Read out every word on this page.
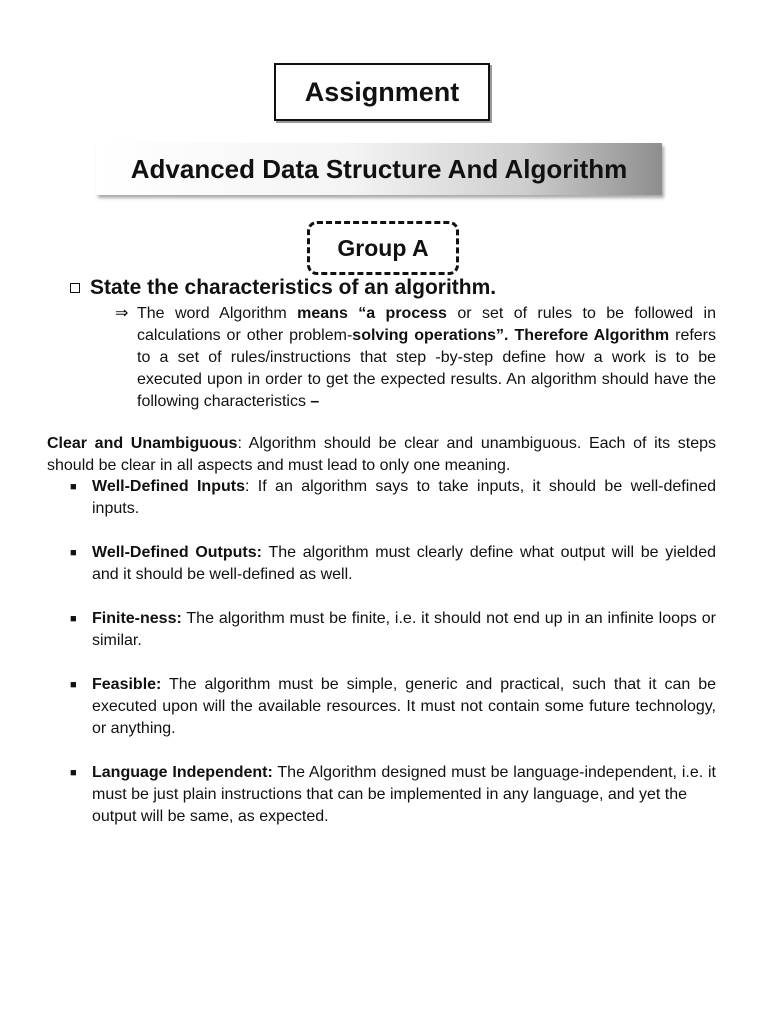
Assignment
Advanced Data Structure And Algorithm
Group A
State the characteristics of an algorithm.
⇒ The word Algorithm means “a process or set of rules to be followed in calculations or other problem-solving operations”. Therefore Algorithm refers to a set of rules/instructions that step -by-step define how a work is to be executed upon in order to get the expected results. An algorithm should have the following characteristics –
Clear and Unambiguous: Algorithm should be clear and unambiguous. Each of its steps should be clear in all aspects and must lead to only one meaning.
■ Well-Defined Inputs: If an algorithm says to take inputs, it should be well-defined inputs.
■ Well-Defined Outputs: The algorithm must clearly define what output will be yielded and it should be well-defined as well.
■ Finite-ness: The algorithm must be finite, i.e. it should not end up in an infinite loops or similar.
■ Feasible: The algorithm must be simple, generic and practical, such that it can be executed upon will the available resources. It must not contain some future technology, or anything.
■ Language Independent: The Algorithm designed must be language-independent, i.e. it must be just plain instructions that can be implemented in any language, and yet the
output will be same, as expected.
